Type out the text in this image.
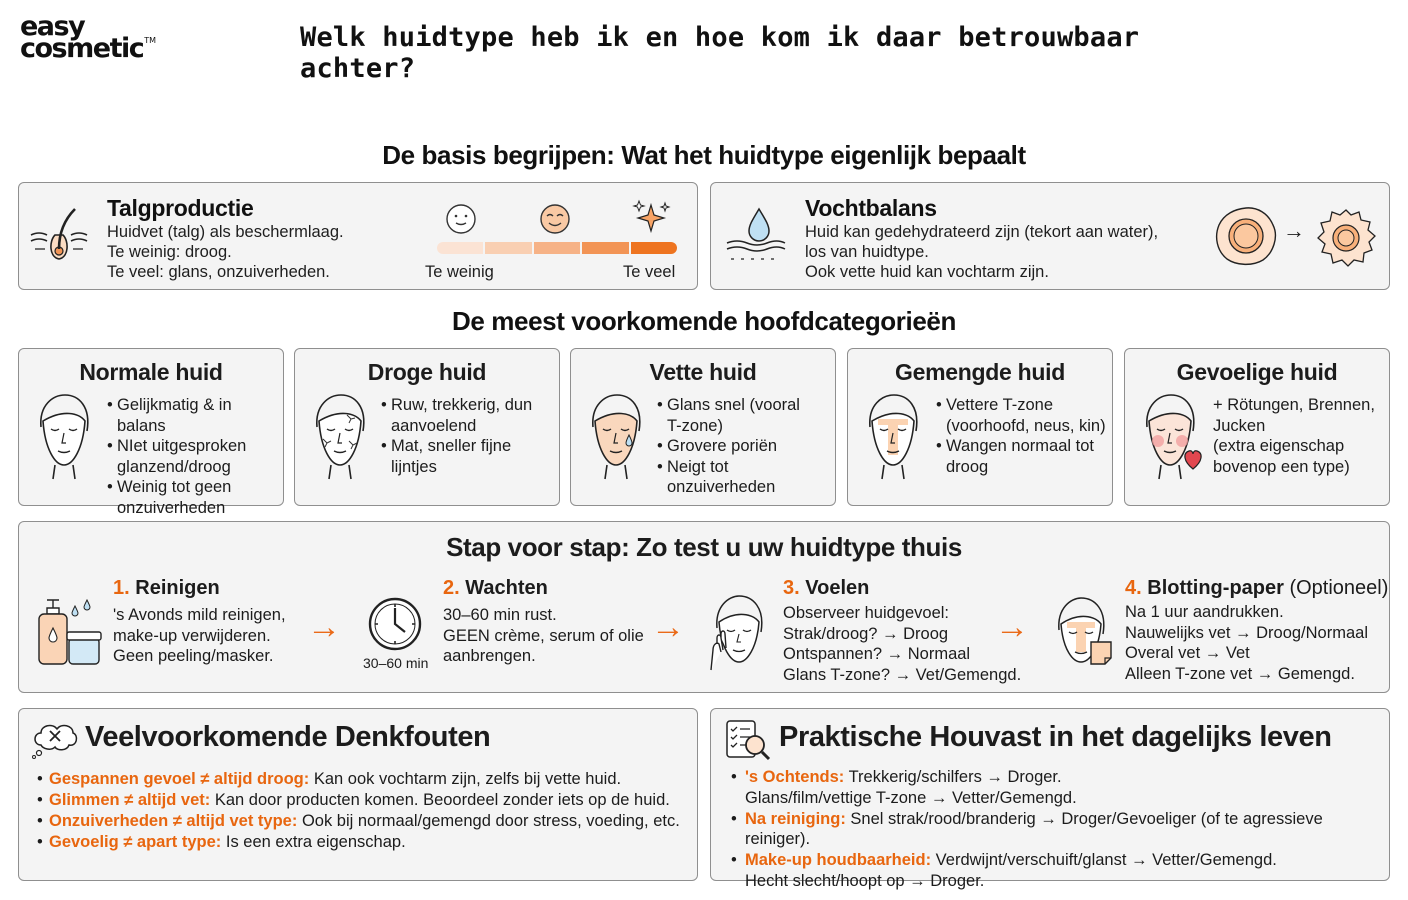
easy
cosmetic™	Welk huidtype heb ik en hoe kom ik daar betrouwbaar achter?
De basis begrijpen: Wat het huidtype eigenlijk bepaalt
Talgproductie
Huidvet (talg) als beschermlaag.
Te weinig: droog.
Te veel: glans, onzuiverheden.	Te weinig	Te veel
Vochtbalans
Huid kan gedehydrateerd zijn (tekort aan water),
los van huidtype.
Ook vette huid kan vochtarm zijn.
→
De meest voorkomende hoofdcategorieën
Normale huid
• Gelijkmatig & in balans
• NIet uitgesproken
glanzend/droog
• Weinig tot geen
onzuiverheden
Droge huid
• Ruw, trekkerig, dun
aanvoelend
• Mat, sneller fijne
lijntjes
Vette huid
• Glans snel (vooral
T-zone)
• Grovere poriën
• Neigt tot
onzuiverheden
Gemengde huid
• Vettere T-zone
(voorhoofd, neus, kin)
• Wangen normaal tot
droog
Gevoelige huid
+ Rötungen, Brennen,
Jucken
(extra eigenschap
bovenop een type)
Stap voor stap: Zo test u uw huidtype thuis
1. Reinigen
's Avonds mild reinigen,
make-up verwijderen.
Geen peeling/masker.
→
30–60 min
2. Wachten
30–60 min rust.
GEEN crème, serum of olie
aanbrengen.
→
3. Voelen
Observeer huidgevoel:
Strak/droog? → Droog
Ontspannen? → Normaal
Glans T-zone? → Vet/Gemengd.
→
4. Blotting-paper (Optioneel)
Na 1 uur aandrukken.
Nauwelijks vet → Droog/Normaal
Overal vet → Vet
Alleen T-zone vet → Gemengd.
Veelvoorkomende Denkfouten
• Gespannen gevoel ≠ altijd droog: Kan ook vochtarm zijn, zelfs bij vette huid.
• Glimmen ≠ altijd vet: Kan door producten komen. Beoordeel zonder iets op de huid.
• Onzuiverheden ≠ altijd vet type: Ook bij normaal/gemengd door stress, voeding, etc.
• Gevoelig ≠ apart type: Is een extra eigenschap.
Praktische Houvast in het dagelijks leven
• 's Ochtends: Trekkerig/schilfers → Droger.
Glans/film/vettige T-zone → Vetter/Gemengd.
• Na reiniging: Snel strak/rood/branderig → Droger/Gevoeliger (of te agressieve reiniger).
• Make-up houdbaarheid: Verdwijnt/verschuift/glanst → Vetter/Gemengd.
Hecht slecht/hoopt op → Droger.
